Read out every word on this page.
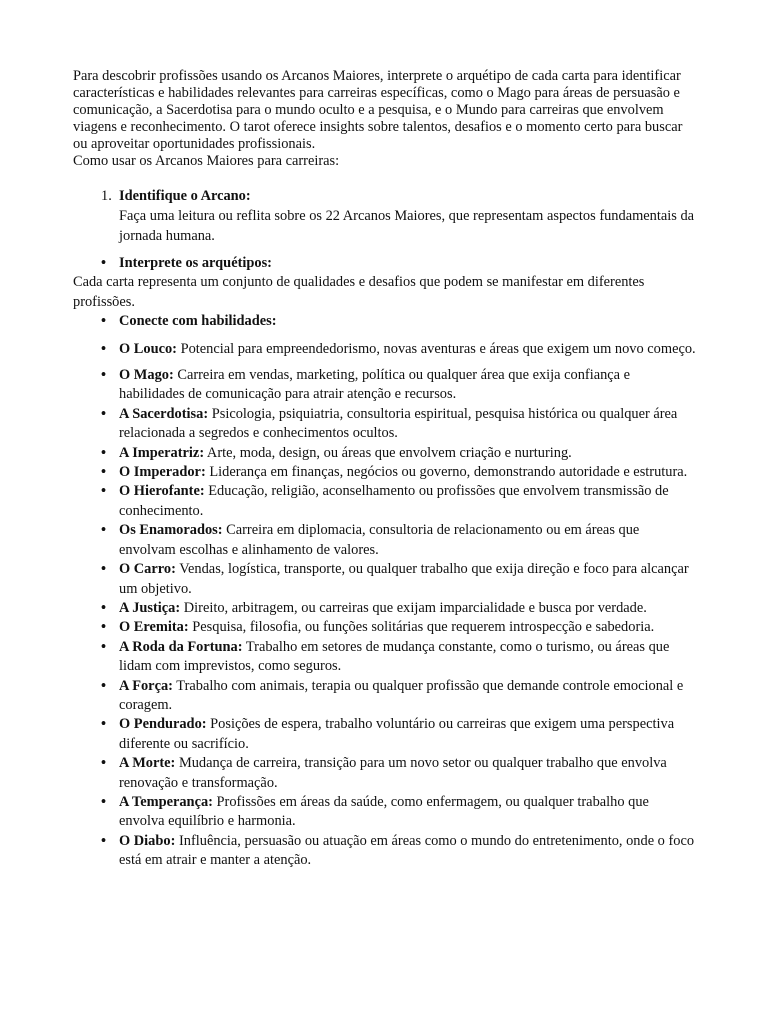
Para descobrir profissões usando os Arcanos Maiores, interprete o arquétipo de cada carta para identificar características e habilidades relevantes para carreiras específicas, como o Mago para áreas de persuasão e comunicação, a Sacerdotisa para o mundo oculto e a pesquisa, e o Mundo para carreiras que envolvem viagens e reconhecimento. O tarot oferece insights sobre talentos, desafios e o momento certo para buscar ou aproveitar oportunidades profissionais.

Como usar os Arcanos Maiores para carreiras:

1. Identifique o Arcano:
Faça uma leitura ou reflita sobre os 22 Arcanos Maiores, que representam aspectos fundamentais da jornada humana.
• Interprete os arquétipos:

Cada carta representa um conjunto de qualidades e desafios que podem se manifestar em diferentes profissões.

• Conecte com habilidades:
• O Louco: Potencial para empreendedorismo, novas aventuras e áreas que exigem um novo começo.
• O Mago: Carreira em vendas, marketing, política ou qualquer área que exija confiança e habilidades de comunicação para atrair atenção e recursos.
• A Sacerdotisa: Psicologia, psiquiatria, consultoria espiritual, pesquisa histórica ou qualquer área relacionada a segredos e conhecimentos ocultos.
• A Imperatriz: Arte, moda, design, ou áreas que envolvem criação e nurturing.
• O Imperador: Liderança em finanças, negócios ou governo, demonstrando autoridade e estrutura.
• O Hierofante: Educação, religião, aconselhamento ou profissões que envolvem transmissão de conhecimento.
• Os Enamorados: Carreira em diplomacia, consultoria de relacionamento ou em áreas que envolvam escolhas e alinhamento de valores.
• O Carro: Vendas, logística, transporte, ou qualquer trabalho que exija direção e foco para alcançar um objetivo.
• A Justiça: Direito, arbitragem, ou carreiras que exijam imparcialidade e busca por verdade.
• O Eremita: Pesquisa, filosofia, ou funções solitárias que requerem introspecção e sabedoria.
• A Roda da Fortuna: Trabalho em setores de mudança constante, como o turismo, ou áreas que lidam com imprevistos, como seguros.
• A Força: Trabalho com animais, terapia ou qualquer profissão que demande controle emocional e coragem.
• O Pendurado: Posições de espera, trabalho voluntário ou carreiras que exigem uma perspectiva diferente ou sacrifício.
• A Morte: Mudança de carreira, transição para um novo setor ou qualquer trabalho que envolva renovação e transformação.
• A Temperança: Profissões em áreas da saúde, como enfermagem, ou qualquer trabalho que envolva equilíbrio e harmonia.
• O Diabo: Influência, persuasão ou atuação em áreas como o mundo do entretenimento, onde o foco está em atrair e manter a atenção.
